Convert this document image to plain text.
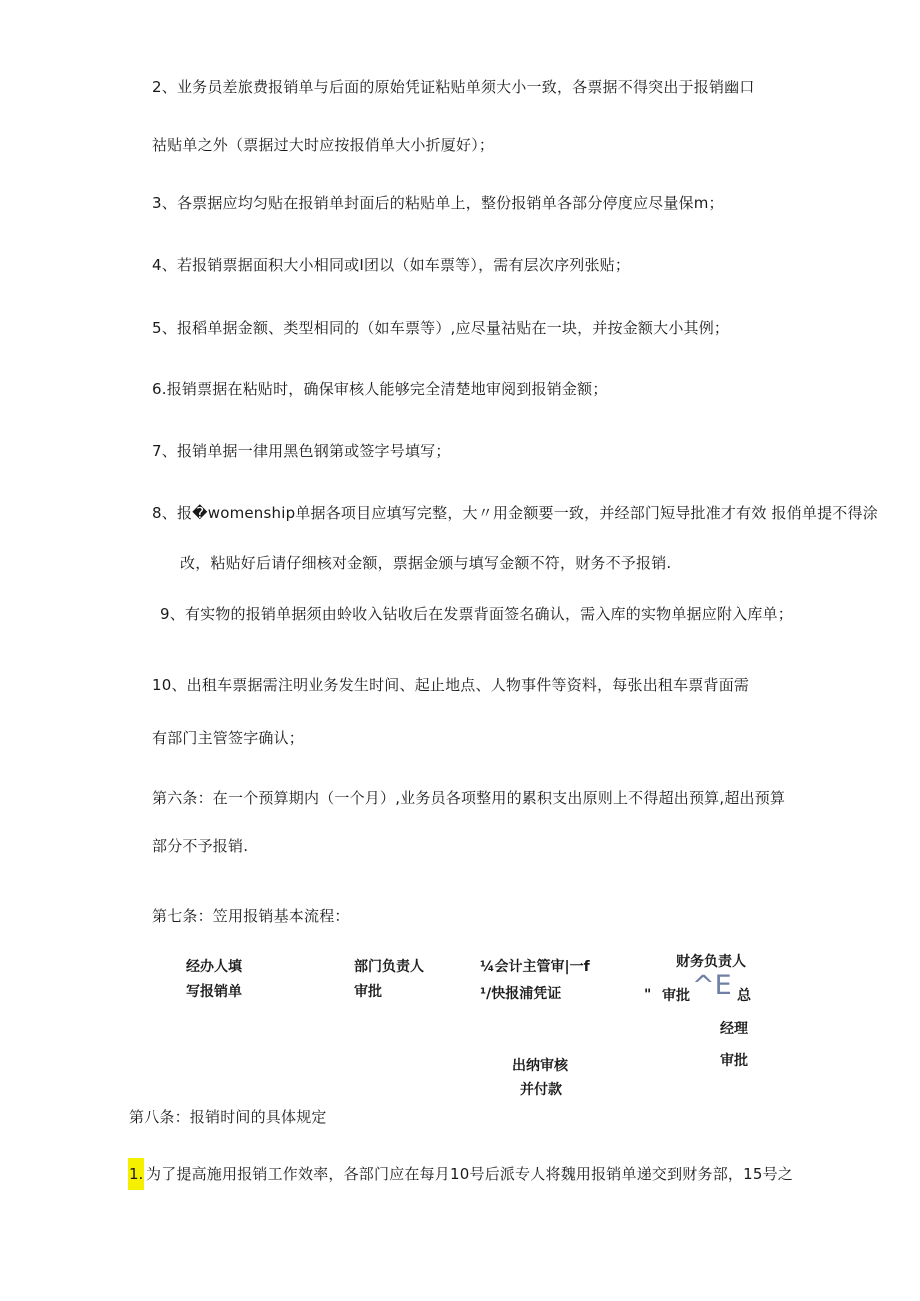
2、业务员差旅费报销单与后面的原始凭证粘贴单须大小一致，各票据不得突出于报销幽口
祜贴单之外（票据过大时应按报俏单大小折厦好）；
3、各票据应均匀贴在报销单封面后的粘贴单上，整份报销单各部分停度应尽量保m；
4、若报销票据面积大小相同或I团以（如车票等），需有层次序列张贴；
5、报稻单据金额、类型相同的（如车票等）,应尽量祜贴在一块，并按金额大小其例；
6.报销票据在粘贴时，确保审核人能够完全清楚地审阅到报销金额；
7、报销单据一律用黑色钢第或签字号填写；
8、报�womenship单据各项目应填写完整，大〃用金额要一致，并经部门短导批准才有效 报俏单提不得涂
改，粘贴好后请仔细核对金额，票据金颁与填写金额不符，财务不予报销.
9、有实物的报销单据须由蛉收入钻收后在发票背面签名确认，需入库的实物单据应附入库单；
10、出租车票据需注明业务发生时间、起止地点、人物事件等资料，每张出租车票背面需
有部门主管签字确认；
第六条：在一个预算期内（一个月）,业务员各项整用的累积支出原则上不得超出预算,超出预算
部分不予报销.
第七条：笠用报销基本流程：
经办人填
写报销单
部门负责人
审批
¼会计主管审|一f
¹/快报浦凭证
财务负责人
" 审批 ^E 总
经理
审批
出纳审核
并付款
第八条：报销时间的具体规定
1. 为了提高施用报销工作效率，各部门应在每月10号后派专人将魏用报销单递交到财务部，15号之
